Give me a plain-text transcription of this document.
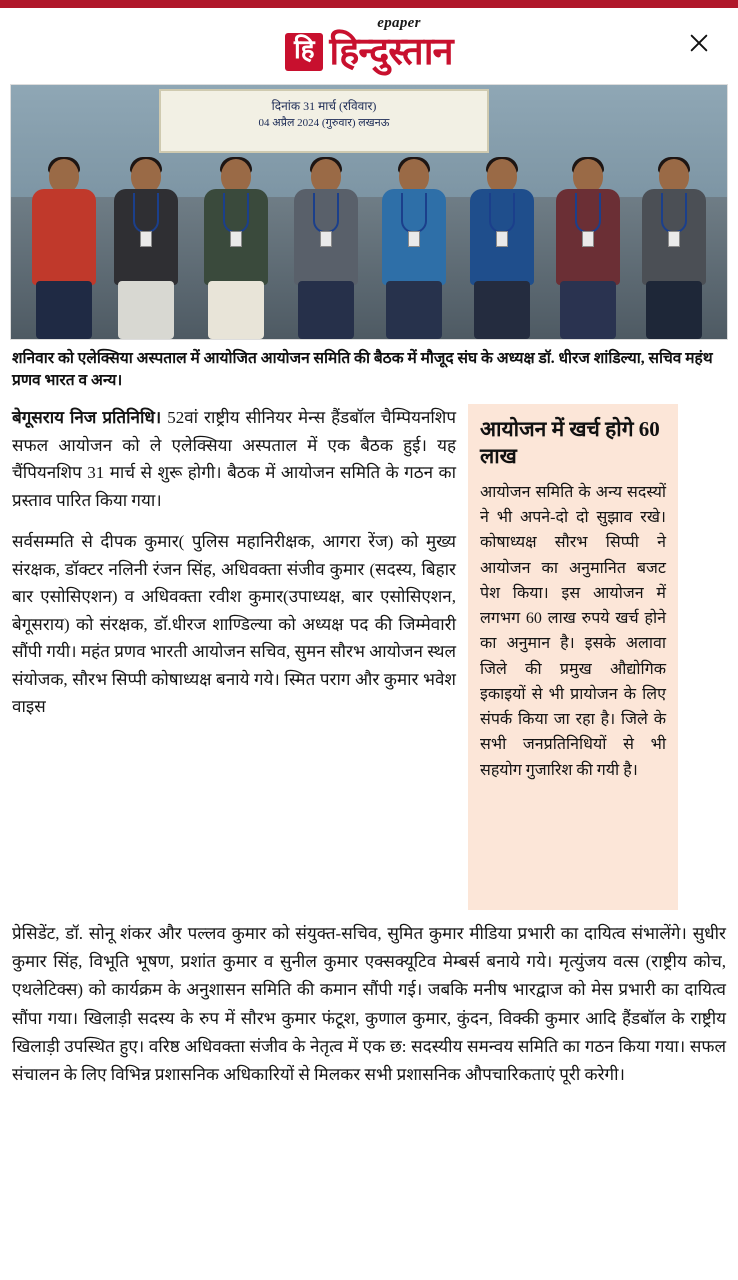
epaper
हि हिन्दुस्तान
दिनांक 31 मार्च (रविवार)
04 अप्रैल 2024 (गुरुवार) लखनऊ
शनिवार को एलेक्सिया अस्पताल में आयोजित आयोजन समिति की बैठक में मौजूद संघ के अध्यक्ष डॉ. धीरज शांडिल्या, सचिव महंथ प्रणव भारत व अन्य।

बेगूसराय निज प्रतिनिधि। 52वां राष्ट्रीय सीनियर मेन्स हैंडबॉल चैम्पियनशिप सफल आयोजन को ले एलेक्सिया अस्पताल में एक बैठक हुई। यह चैंपियनशिप 31 मार्च से शुरू होगी। बैठक में आयोजन समिति के गठन का प्रस्ताव पारित किया गया।

सर्वसम्मति से दीपक कुमार( पुलिस महानिरीक्षक, आगरा रेंज) को मुख्य संरक्षक, डॉक्टर नलिनी रंजन सिंह, अधिवक्ता संजीव कुमार (सदस्य, बिहार बार एसोसिएशन) व अधिवक्ता रवीश कुमार(उपाध्यक्ष, बार एसोसिएशन, बेगूसराय) को संरक्षक, डॉ.धीरज शाण्डिल्या को अध्यक्ष पद की जिम्मेवारी सौंपी गयी। महंत प्रणव भारती आयोजन सचिव, सुमन सौरभ आयोजन स्थल संयोजक, सौरभ सिप्पी कोषाध्यक्ष बनाये गये। स्मित पराग और कुमार भवेश वाइस

आयोजन में खर्च होगे 60 लाख
आयोजन समिति के अन्य सदस्यों ने भी अपने-दो दो सुझाव रखे। कोषाध्यक्ष सौरभ सिप्पी ने आयोजन का अनुमानित बजट पेश किया। इस आयोजन में लगभग 60 लाख रुपये खर्च होने का अनुमान है। इसके अलावा जिले की प्रमुख औद्योगिक इकाइयों से भी प्रायोजन के लिए संपर्क किया जा रहा है। जिले के सभी जनप्रतिनिधियों से भी सहयोग गुजारिश की गयी है।
प्रेसिडेंट, डॉ. सोनू शंकर और पल्लव कुमार को संयुक्त-सचिव, सुमित कुमार मीडिया प्रभारी का दायित्व संभालेंगे। सुधीर कुमार सिंह, विभूति भूषण, प्रशांत कुमार व सुनील कुमार एक्सक्यूटिव मेम्बर्स बनाये गये। मृत्युंजय वत्स (राष्ट्रीय कोच, एथलेटिक्स) को कार्यक्रम के अनुशासन समिति की कमान सौंपी गई। जबकि मनीष भारद्वाज को मेस प्रभारी का दायित्व सौंपा गया। खिलाड़ी सदस्य के रुप में सौरभ कुमार फंटूश, कुणाल कुमार, कुंदन, विक्की कुमार आदि हैंडबॉल के राष्ट्रीय खिलाड़ी उपस्थित हुए। वरिष्ठ अधिवक्ता संजीव के नेतृत्व में एक छ: सदस्यीय समन्वय समिति का गठन किया गया। सफल संचालन के लिए विभिन्न प्रशासनिक अधिकारियों से मिलकर सभी प्रशासनिक औपचारिकताएं पूरी करेगी।
